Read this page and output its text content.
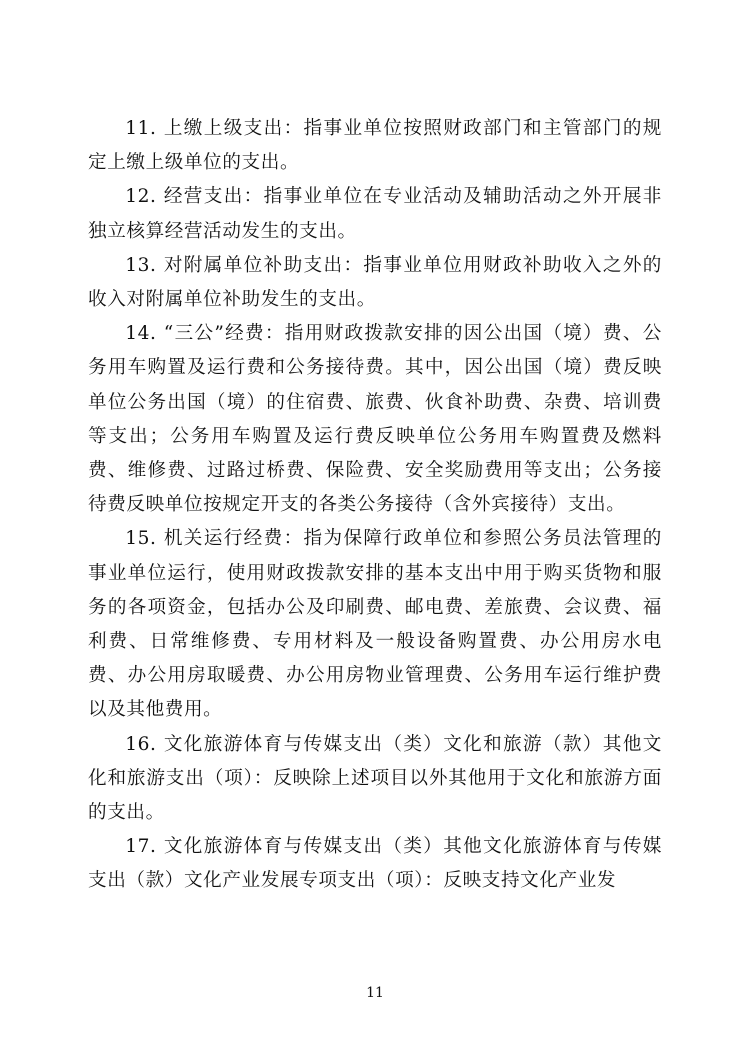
11. 上缴上级支出：指事业单位按照财政部门和主管部门的规定上缴上级单位的支出。

12. 经营支出：指事业单位在专业活动及辅助活动之外开展非独立核算经营活动发生的支出。

13. 对附属单位补助支出：指事业单位用财政补助收入之外的收入对附属单位补助发生的支出。

14. “三公”经费：指用财政拨款安排的因公出国（境）费、公务用车购置及运行费和公务接待费。其中，因公出国（境）费反映单位公务出国（境）的住宿费、旅费、伙食补助费、杂费、培训费等支出；公务用车购置及运行费反映单位公务用车购置费及燃料费、维修费、过路过桥费、保险费、安全奖励费用等支出；公务接待费反映单位按规定开支的各类公务接待（含外宾接待）支出。

15. 机关运行经费：指为保障行政单位和参照公务员法管理的事业单位运行，使用财政拨款安排的基本支出中用于购买货物和服务的各项资金，包括办公及印刷费、邮电费、差旅费、会议费、福利费、日常维修费、专用材料及一般设备购置费、办公用房水电费、办公用房取暖费、办公用房物业管理费、公务用车运行维护费以及其他费用。

16. 文化旅游体育与传媒支出（类）文化和旅游（款）其他文化和旅游支出（项）：反映除上述项目以外其他用于文化和旅游方面的支出。

17. 文化旅游体育与传媒支出（类）其他文化旅游体育与传媒支出（款）文化产业发展专项支出（项）：反映支持文化产业发

11
